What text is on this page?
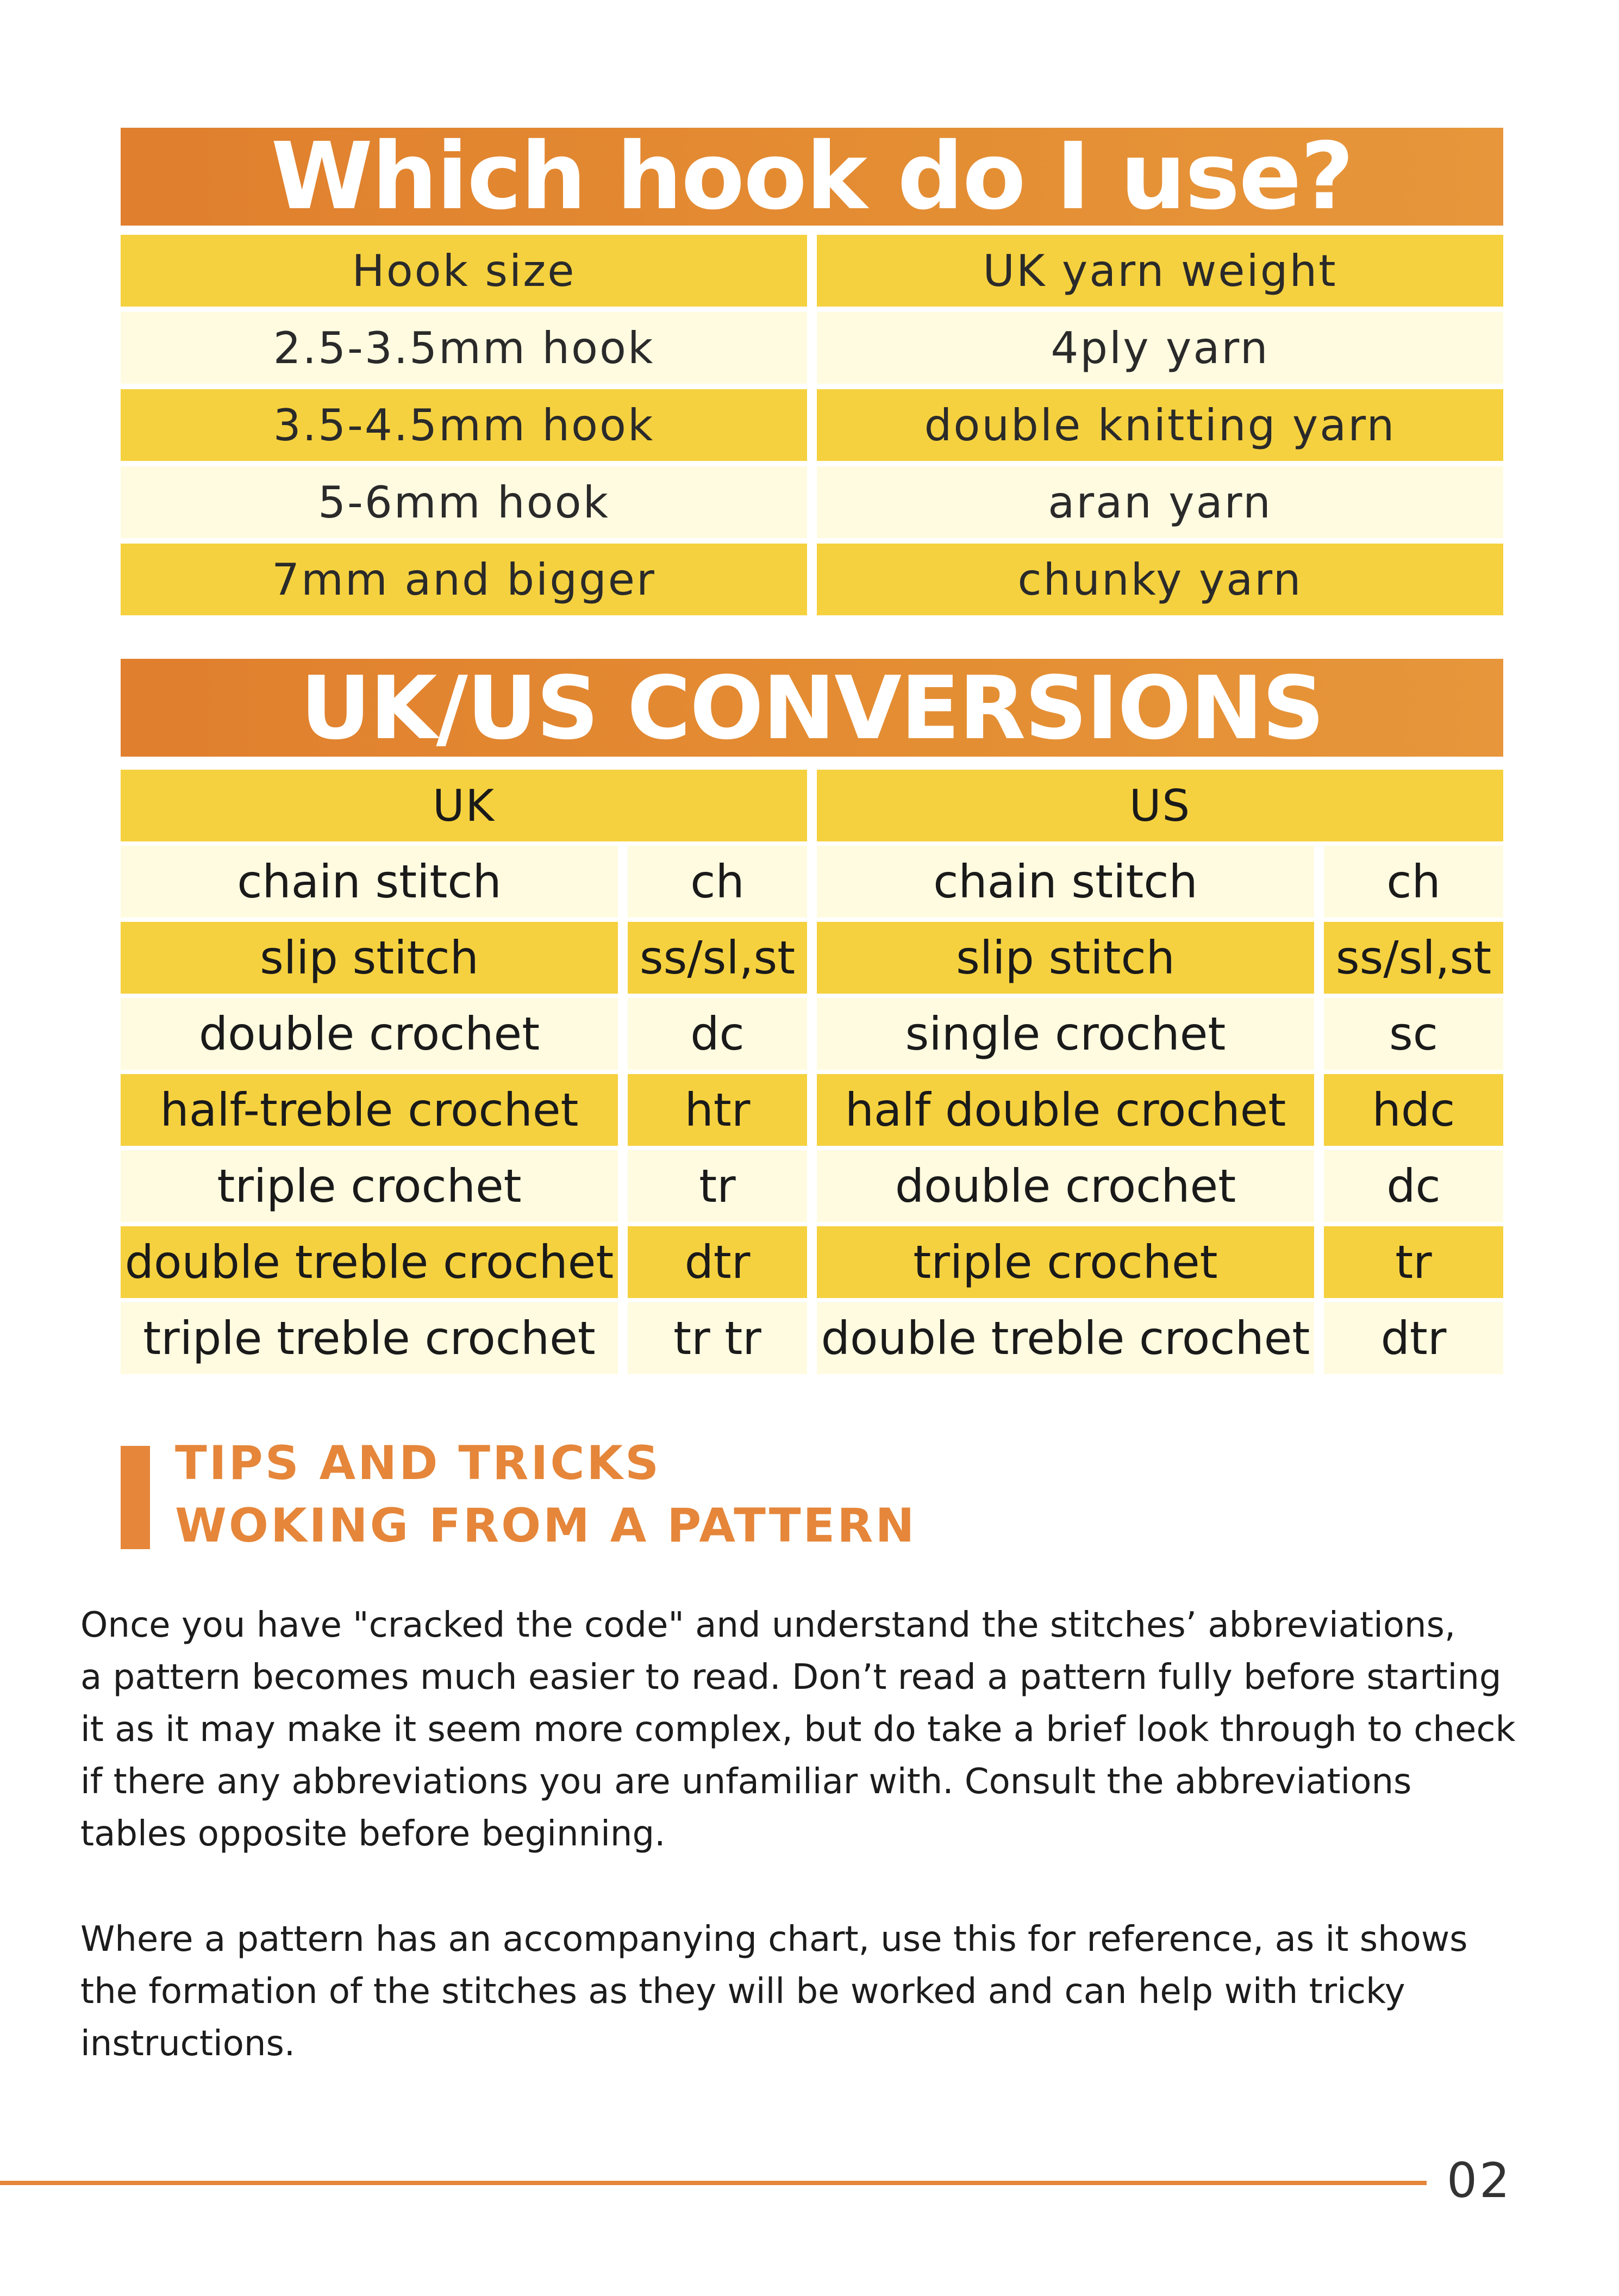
Which hook do I use?
Hook size	UK yarn weight
2.5-3.5mm hook	4ply yarn
3.5-4.5mm hook	double knitting yarn
5-6mm hook	aran yarn
7mm and bigger	chunky yarn
UK/US CONVERSIONS
UK	US
chain stitch	ch	chain stitch	ch
slip stitch	ss/sl,st	slip stitch	ss/sl,st
double crochet	dc	single crochet	sc
half-treble crochet	htr	half double crochet	hdc
triple crochet	tr	double crochet	dc
double treble crochet	dtr	triple crochet	tr
triple treble crochet	tr tr	double treble crochet	dtr
TIPS AND TRICKS
WOKING FROM A PATTERN
Once you have "cracked the code" and understand the stitches’ abbreviations,
a pattern becomes much easier to read. Don’t read a pattern fully before starting
it as it may make it seem more complex, but do take a brief look through to check
if there any abbreviations you are unfamiliar with. Consult the abbreviations
tables opposite before beginning.
Where a pattern has an accompanying chart, use this for reference, as it shows
the formation of the stitches as they will be worked and can help with tricky
instructions.
02
